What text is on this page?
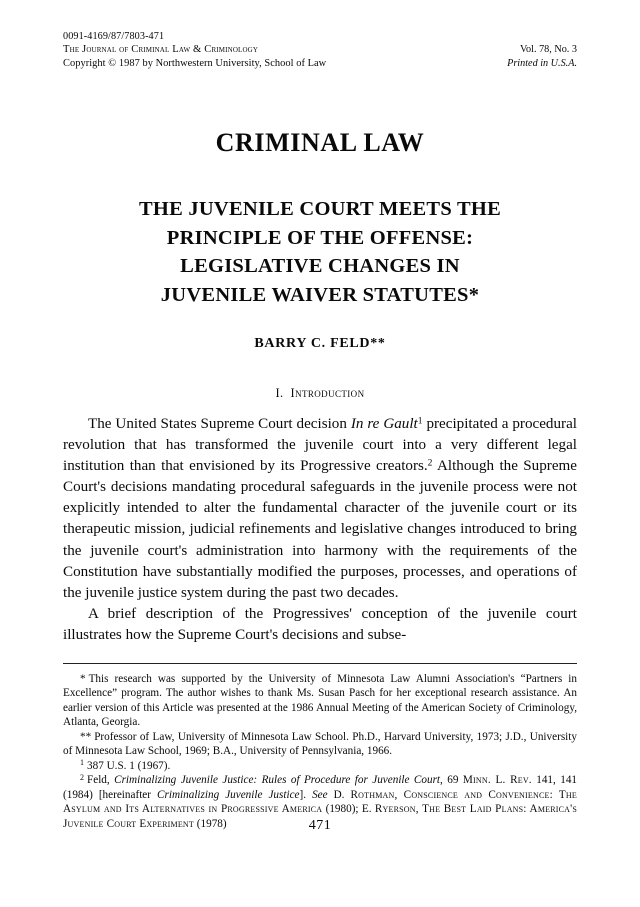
0091-4169/87/7803-471
The Journal of Criminal Law & Criminology
Copyright © 1987 by Northwestern University, School of Law
Vol. 78, No. 3
Printed in U.S.A.
CRIMINAL LAW
THE JUVENILE COURT MEETS THE
PRINCIPLE OF THE OFFENSE:
LEGISLATIVE CHANGES IN
JUVENILE WAIVER STATUTES*
BARRY C. FELD**
I. Introduction

The United States Supreme Court decision In re Gault$^1$ precipitated a procedural revolution that has transformed the juvenile court into a very different legal institution than that envisioned by its Progressive creators.$^2$ Although the Supreme Court's decisions mandating procedural safeguards in the juvenile process were not explicitly intended to alter the fundamental character of the juvenile court or its therapeutic mission, judicial refinements and legislative changes introduced to bring the juvenile court's administration into harmony with the requirements of the Constitution have substantially modified the purposes, processes, and operations of the juvenile justice system during the past two decades.

A brief description of the Progressives' conception of the juvenile court illustrates how the Supreme Court's decisions and subse-

* This research was supported by the University of Minnesota Law Alumni Association's “Partners in Excellence” program. The author wishes to thank Ms. Susan Pasch for her exceptional research assistance. An earlier version of this Article was presented at the 1986 Annual Meeting of the American Society of Criminology, Atlanta, Georgia.

** Professor of Law, University of Minnesota Law School. Ph.D., Harvard University, 1973; J.D., University of Minnesota Law School, 1969; B.A., University of Pennsylvania, 1966.

$^1$ 387 U.S. 1 (1967).

$^2$ Feld, Criminalizing Juvenile Justice: Rules of Procedure for Juvenile Court, 69 Minn. L. Rev. 141, 141 (1984) [hereinafter Criminalizing Juvenile Justice]. See D. Rothman, Conscience and Convenience: The Asylum and Its Alternatives in Progressive America (1980); E. Ryerson, The Best Laid Plans: America's Juvenile Court Experiment (1978)	471
